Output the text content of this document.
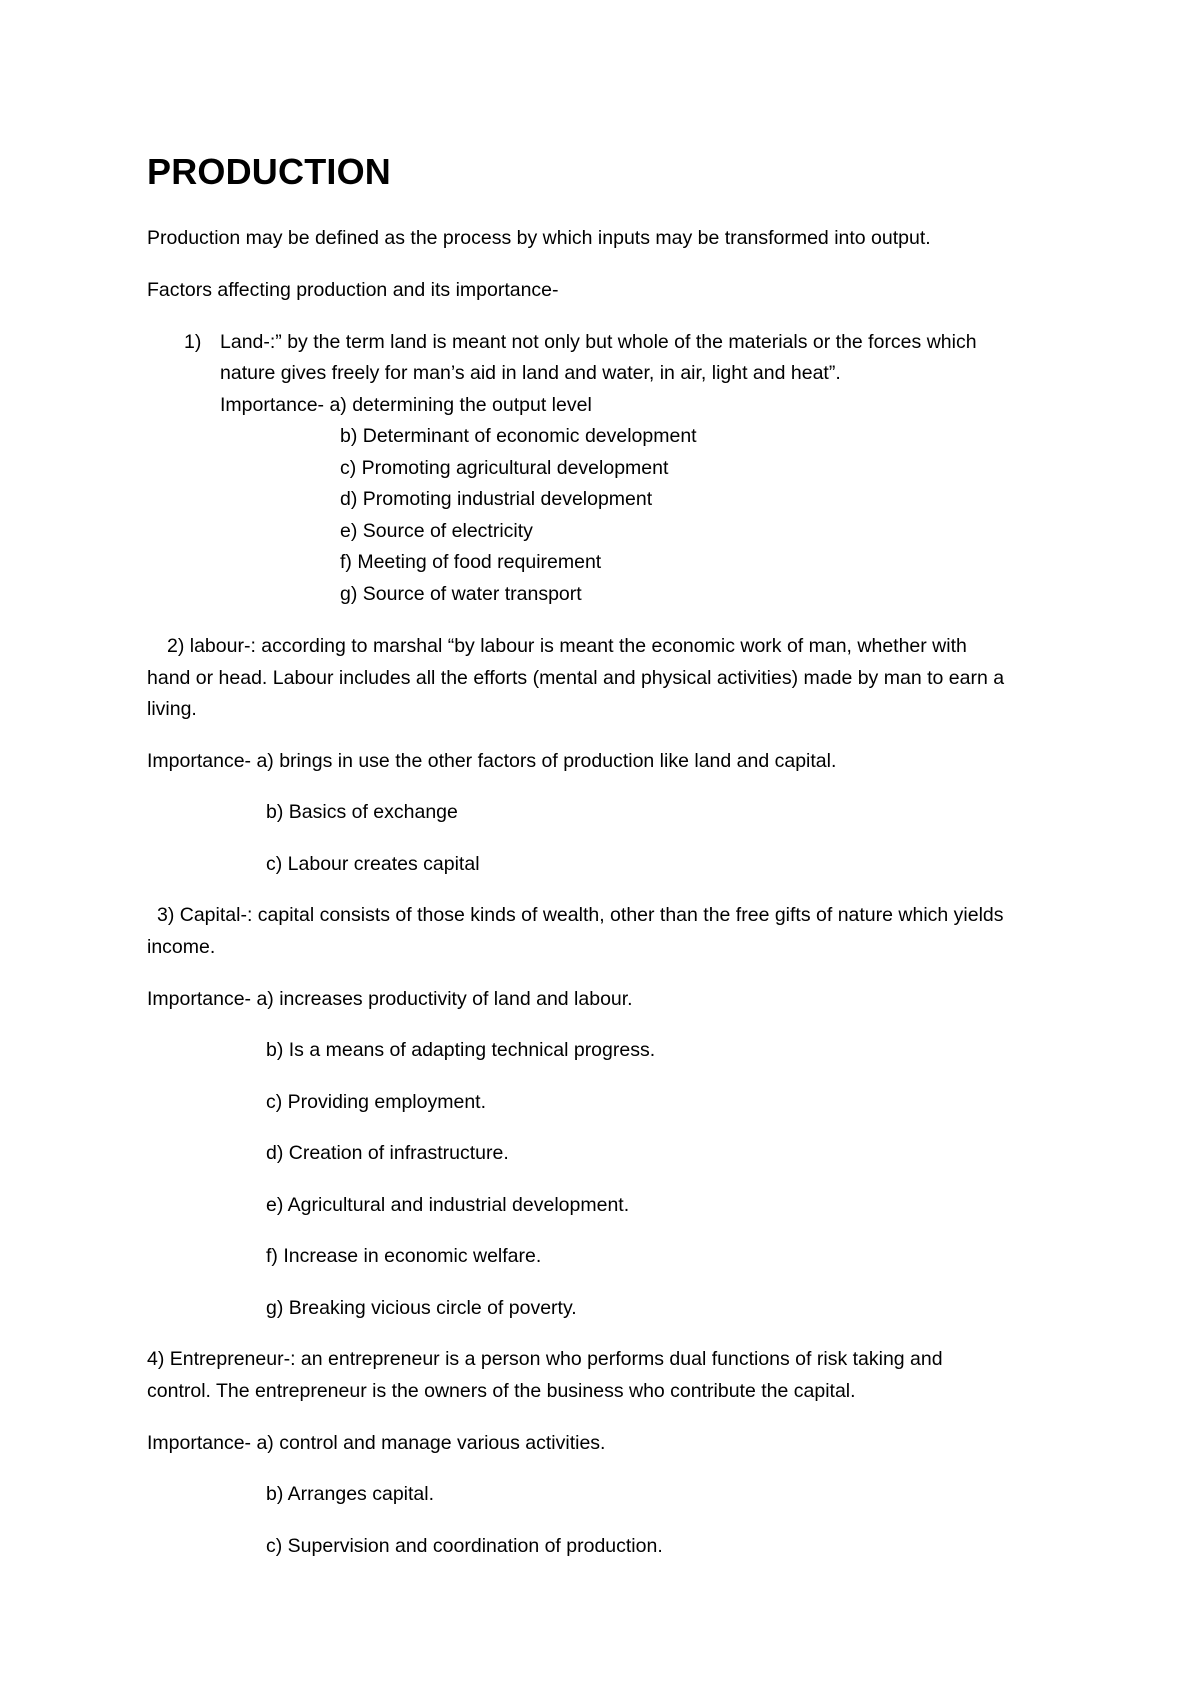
PRODUCTION

Production may be defined as the process by which inputs may be transformed into output.

Factors affecting production and its importance-

1) Land-:” by the term land is meant not only but whole of the materials or the forces which

nature gives freely for man’s aid in land and water, in air, light and heat”.

Importance- a) determining the output level

b) Determinant of economic development

c) Promoting agricultural development

d) Promoting industrial development

e) Source of electricity

f) Meeting of food requirement

g) Source of water transport

2) labour-: according to marshal “by labour is meant the economic work of man, whether with

hand or head. Labour includes all the efforts (mental and physical activities) made by man to earn a

living.

Importance- a) brings in use the other factors of production like land and capital.

b) Basics of exchange

c) Labour creates capital

3) Capital-: capital consists of those kinds of wealth, other than the free gifts of nature which yields

income.

Importance- a) increases productivity of land and labour.

b) Is a means of adapting technical progress.

c) Providing employment.

d) Creation of infrastructure.

e) Agricultural and industrial development.

f) Increase in economic welfare.

g) Breaking vicious circle of poverty.

4) Entrepreneur-: an entrepreneur is a person who performs dual functions of risk taking and

control. The entrepreneur is the owners of the business who contribute the capital.

Importance- a) control and manage various activities.

b) Arranges capital.

c) Supervision and coordination of production.
